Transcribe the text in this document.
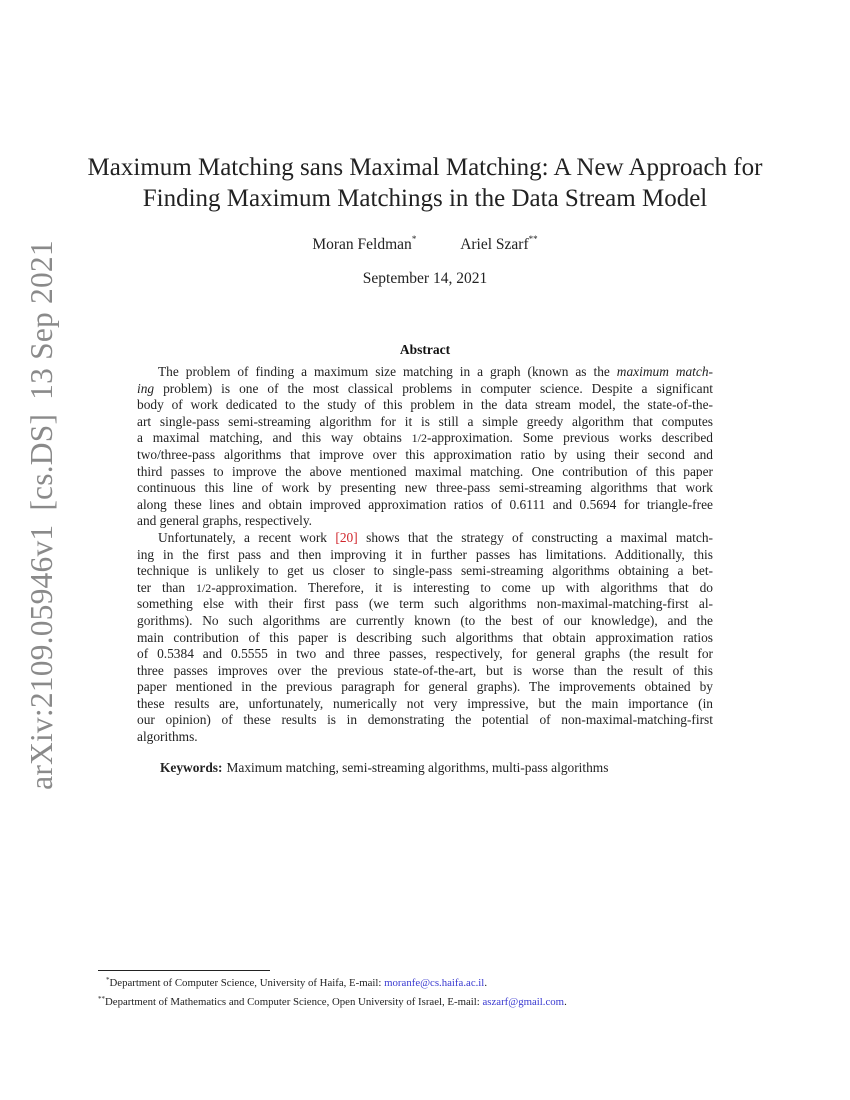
arXiv:2109.05946v1[cs.DS]13 Sep 2021
Maximum Matching sans Maximal Matching: A New Approach for
Finding Maximum Matchings in the Data Stream Model
Moran Feldman*	Ariel Szarf**
September 14, 2021
Abstract
The problem of finding a maximum size matching in a graph (known as the maximum match-
ing problem) is one of the most classical problems in computer science. Despite a significant
body of work dedicated to the study of this problem in the data stream model, the state-of-the-
art single-pass semi-streaming algorithm for it is still a simple greedy algorithm that computes
a maximal matching, and this way obtains 1/2-approximation. Some previous works described
two/three-pass algorithms that improve over this approximation ratio by using their second and
third passes to improve the above mentioned maximal matching. One contribution of this paper
continuous this line of work by presenting new three-pass semi-streaming algorithms that work
along these lines and obtain improved approximation ratios of 0.6111 and 0.5694 for triangle-free
and general graphs, respectively.
Unfortunately, a recent work [20] shows that the strategy of constructing a maximal match-
ing in the first pass and then improving it in further passes has limitations. Additionally, this
technique is unlikely to get us closer to single-pass semi-streaming algorithms obtaining a bet-
ter than 1/2-approximation. Therefore, it is interesting to come up with algorithms that do
something else with their first pass (we term such algorithms non-maximal-matching-first al-
gorithms). No such algorithms are currently known (to the best of our knowledge), and the
main contribution of this paper is describing such algorithms that obtain approximation ratios
of 0.5384 and 0.5555 in two and three passes, respectively, for general graphs (the result for
three passes improves over the previous state-of-the-art, but is worse than the result of this
paper mentioned in the previous paragraph for general graphs). The improvements obtained by
these results are, unfortunately, numerically not very impressive, but the main importance (in
our opinion) of these results is in demonstrating the potential of non-maximal-matching-first
algorithms.
Keywords: Maximum matching, semi-streaming algorithms, multi-pass algorithms
*Department of Computer Science, University of Haifa, E-mail: moranfe@cs.haifa.ac.il.
**Department of Mathematics and Computer Science, Open University of Israel, E-mail: aszarf@gmail.com.
